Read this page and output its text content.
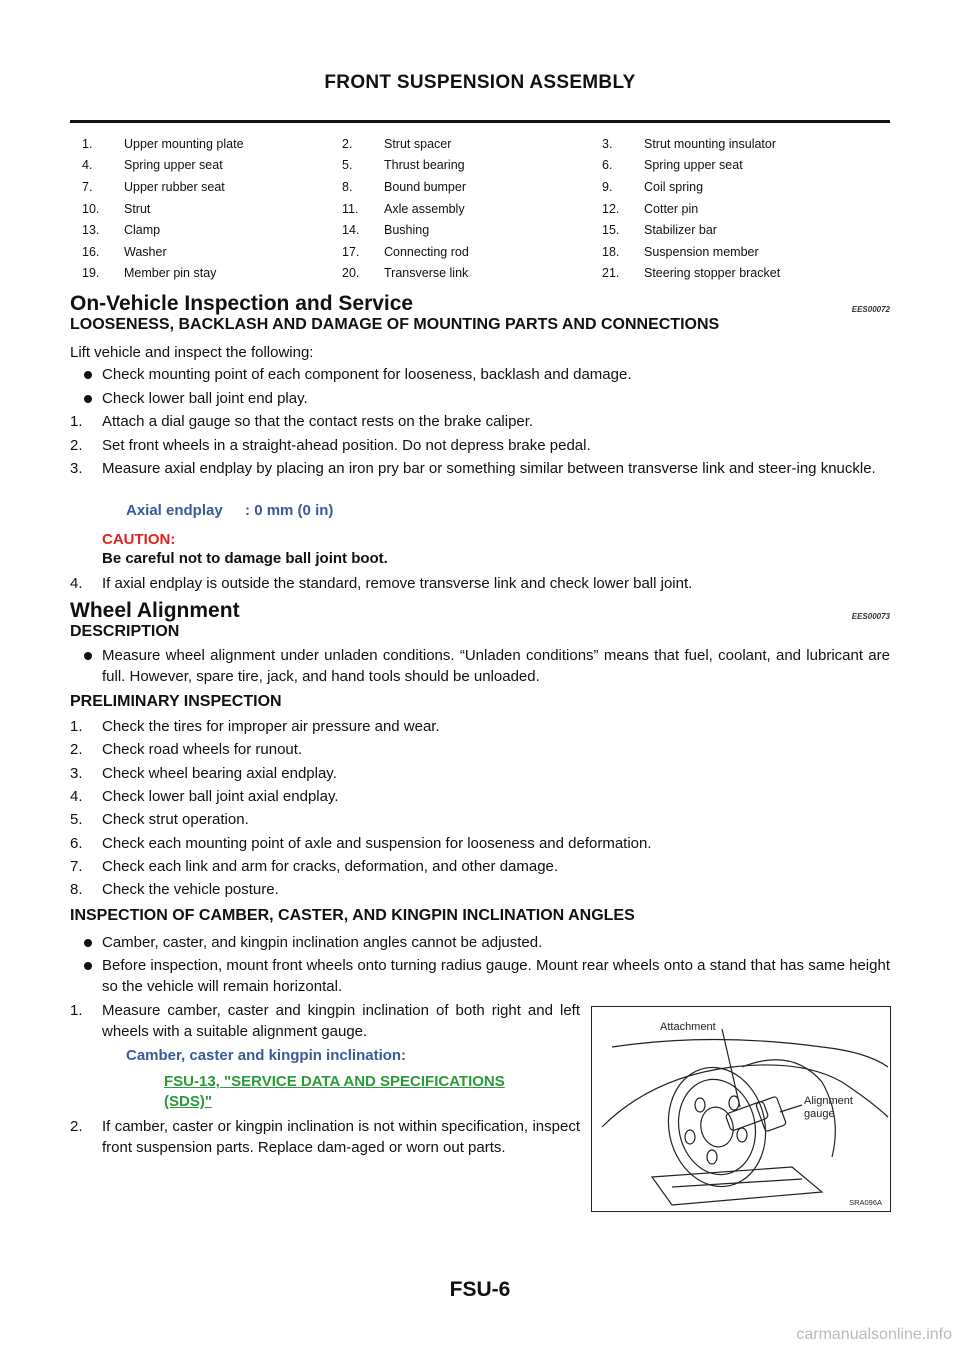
FRONT SUSPENSION ASSEMBLY
1.	Upper mounting plate	2.	Strut spacer	3.	Strut mounting insulator
4.	Spring upper seat	5.	Thrust bearing	6.	Spring upper seat
7.	Upper rubber seat	8.	Bound bumper	9.	Coil spring
10.	Strut	11.	Axle assembly	12.	Cotter pin
13.	Clamp	14.	Bushing	15.	Stabilizer bar
16.	Washer	17.	Connecting rod	18.	Suspension member
19.	Member pin stay	20.	Transverse link	21.	Steering stopper bracket
On-Vehicle Inspection and Service	EES00072
LOOSENESS, BACKLASH AND DAMAGE OF MOUNTING PARTS AND CONNECTIONS
Lift vehicle and inspect the following:
Check mounting point of each component for looseness, backlash and damage.
Check lower ball joint end play.
1. Attach a dial gauge so that the contact rests on the brake caliper.
2. Set front wheels in a straight-ahead position. Do not depress brake pedal.
3. Measure axial endplay by placing an iron pry bar or something similar between transverse link and steer-ing knuckle.
Axial endplay : 0 mm (0 in)
CAUTION:
Be careful not to damage ball joint boot.
4. If axial endplay is outside the standard, remove transverse link and check lower ball joint.
Wheel Alignment	EES00073
DESCRIPTION
Measure wheel alignment under unladen conditions. “Unladen conditions” means that fuel, coolant, and lubricant are full. However, spare tire, jack, and hand tools should be unloaded.
PRELIMINARY INSPECTION
1. Check the tires for improper air pressure and wear.
2. Check road wheels for runout.
3. Check wheel bearing axial endplay.
4. Check lower ball joint axial endplay.
5. Check strut operation.
6. Check each mounting point of axle and suspension for looseness and deformation.
7. Check each link and arm for cracks, deformation, and other damage.
8. Check the vehicle posture.
INSPECTION OF CAMBER, CASTER, AND KINGPIN INCLINATION ANGLES
Camber, caster, and kingpin inclination angles cannot be adjusted.
Before inspection, mount front wheels onto turning radius gauge. Mount rear wheels onto a stand that has same height so the vehicle will remain horizontal.
1. Measure camber, caster and kingpin inclination of both right and left wheels with a suitable alignment gauge.
Camber, caster and kingpin inclination:
FSU-13, "SERVICE DATA AND SPECIFICATIONS
(SDS)"
2. If camber, caster or kingpin inclination is not within specification, inspect front suspension parts. Replace dam-aged or worn out parts.
Attachment
Alignment
gauge
SRA096A
FSU-6
carmanualsonline.info
